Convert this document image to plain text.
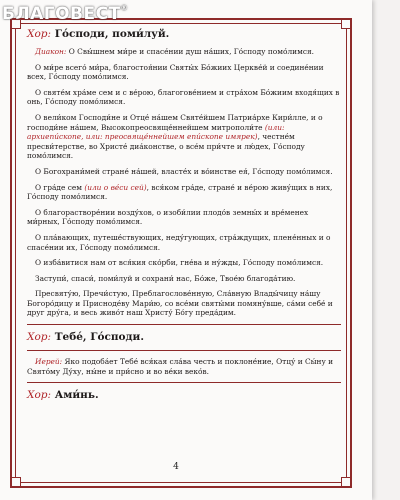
Хор: Го́споди, поми́луй.

Диакон: О Свы́шнем ми́ре и спасе́нии душ на́ших, Го́споду помо́лимся.

О ми́ре всего́ ми́ра, благостоя́нии Святы́х Бо́жиих Церкве́й и соедине́нии всех, Го́споду помо́лимся.

О святе́м хра́ме сем и с ве́рою, благогове́нием и стра́хом Бо́жиим входя́щих в онь, Го́споду помо́лимся.

О вели́ком Господи́не и Отце́ на́шем Святе́йшем Патриа́рхе Кири́лле, и о господи́не на́шем, Высокопреосвяще́ннейшем митрополи́те (или: архиепи́скопе, или: преосвяще́ннейшем епи́скопе имярек), честне́м пресви́терстве, во Христе́ диа́констве, о все́м при́чте и лю́дех, Го́споду помо́лимся.

О Богохрани́мей стране́ на́шей, власте́х и во́инстве ея́, Го́споду помо́лимся.

О гра́де сем (или о ве́си сей), вся́ком гра́де, стране́ и ве́рою живу́щих в них, Го́споду помо́лимся.

О благорастворе́нии возду́хов, о изоби́лии плодо́в земны́х и вре́менех ми́рных, Го́споду помо́лимся.

О пла́вающих, путеше́ствующих, неду́гующих, стра́ждущих, плене́нных и о спасе́нии их, Го́споду помо́лимся.

О изба́витися нам от вся́кия ско́рби, гне́ва и ну́жды, Го́споду помо́лимся.

Заступи́, спаси́, поми́луй и сохрани́ нас, Бо́же, Твое́ю благода́тию.

Пресвяту́ю, Пречи́стую, Преблагослове́нную, Сла́вную Влады́чицу на́шу Богоро́дицу и Присноде́ву Мари́ю, со все́ми святы́ми помяну́вше, са́ми себе́ и друг дру́га, и весь живо́т наш Христу́ Бо́гу преда́дим.

Хор: Тебе́, Го́споди.

Иерей: Яко подоба́ет Тебе́ вся́кая сла́ва честь и поклоне́ние, Отцу́ и Сы́ну и Свято́му Ду́ху, ны́не и при́сно и во ве́ки веко́в.

Хор: Ами́нь.

4
БЛАГОВЕСТ®
